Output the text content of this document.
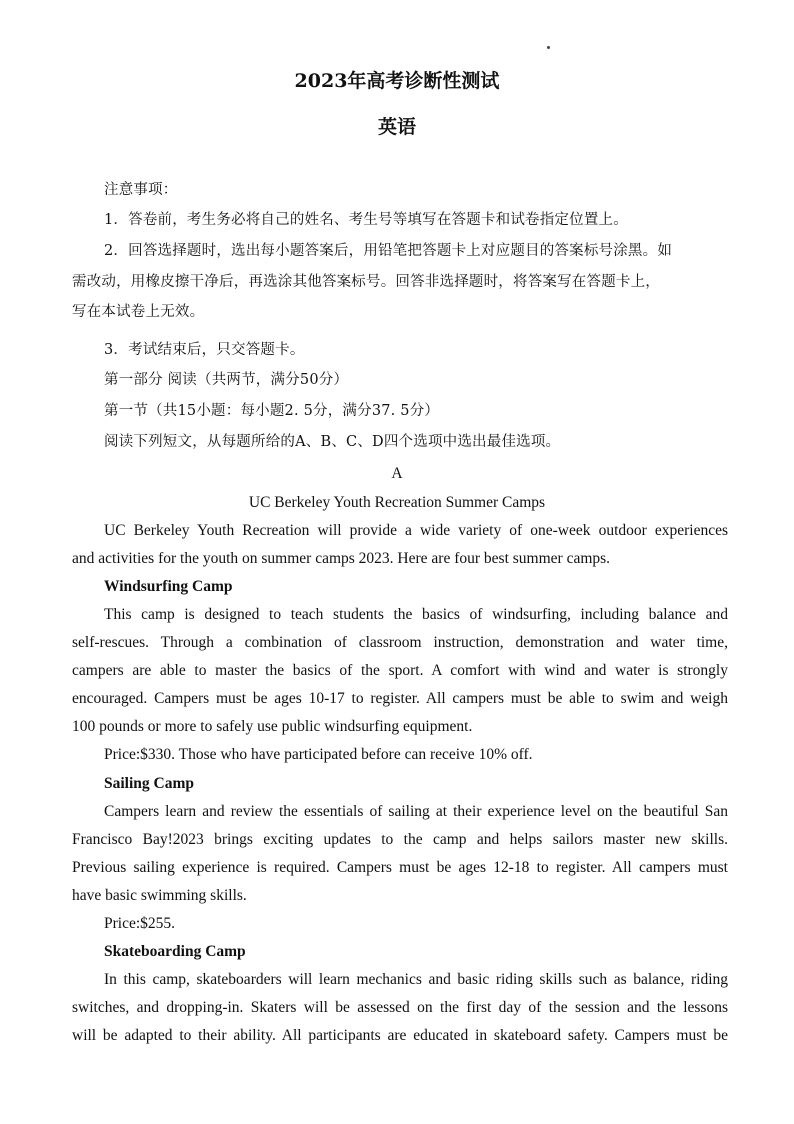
2023年高考诊断性测试
英语
注意事项：
1．答卷前，考生务必将自己的姓名、考生号等填写在答题卡和试卷指定位置上。
2．回答选择题时，选出每小题答案后，用铅笔把答题卡上对应题目的答案标号涂黑。如
需改动，用橡皮擦干净后，再选涂其他答案标号。回答非选择题时，将答案写在答题卡上，
写在本试卷上无效。
3．考试结束后，只交答题卡。
第一部分 阅读（共两节，满分50分）
第一节（共15小题：每小题2. 5分，满分37. 5分）
阅读下列短文，从每题所给的A、B、C、D四个选项中选出最佳选项。
A
UC Berkeley Youth Recreation Summer Camps
UC Berkeley Youth Recreation will provide a wide variety of one-week outdoor experiences
and activities for the youth on summer camps 2023. Here are four best summer camps.
Windsurfing Camp
This camp is designed to teach students the basics of windsurfing, including balance and
self-rescues. Through a combination of classroom instruction, demonstration and water time,
campers are able to master the basics of the sport. A comfort with wind and water is strongly
encouraged. Campers must be ages 10-17 to register. All campers must be able to swim and weigh
100 pounds or more to safely use public windsurfing equipment.
Price:$330. Those who have participated before can receive 10% off.
Sailing Camp
Campers learn and review the essentials of sailing at their experience level on the beautiful San
Francisco Bay!2023 brings exciting updates to the camp and helps sailors master new skills.
Previous sailing experience is required. Campers must be ages 12-18 to register. All campers must
have basic swimming skills.
Price:$255.
Skateboarding Camp
In this camp, skateboarders will learn mechanics and basic riding skills such as balance, riding
switches, and dropping-in. Skaters will be assessed on the first day of the session and the lessons
will be adapted to their ability. All participants are educated in skateboard safety. Campers must be
